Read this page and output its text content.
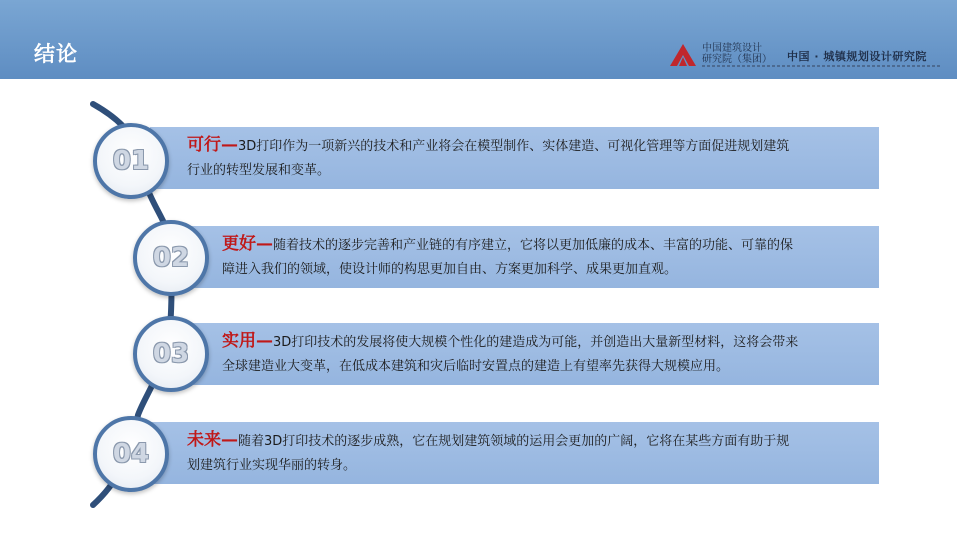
结论	中国建筑设计
研究院（集团） 中国 · 城镇规划设计研究院
可行—3D打印作为一项新兴的技术和产业将会在模型制作、实体建造、可视化管理等方面促进规划建筑
行业的转型发展和变革。
01
更好—随着技术的逐步完善和产业链的有序建立，它将以更加低廉的成本、丰富的功能、可靠的保
障进入我们的领域，使设计师的构思更加自由、方案更加科学、成果更加直观。
02
实用—3D打印技术的发展将使大规模个性化的建造成为可能，并创造出大量新型材料，这将会带来
全球建造业大变革，在低成本建筑和灾后临时安置点的建造上有望率先获得大规模应用。
03
未来—随着3D打印技术的逐步成熟，它在规划建筑领域的运用会更加的广阔，它将在某些方面有助于规
划建筑行业实现华丽的转身。
04
